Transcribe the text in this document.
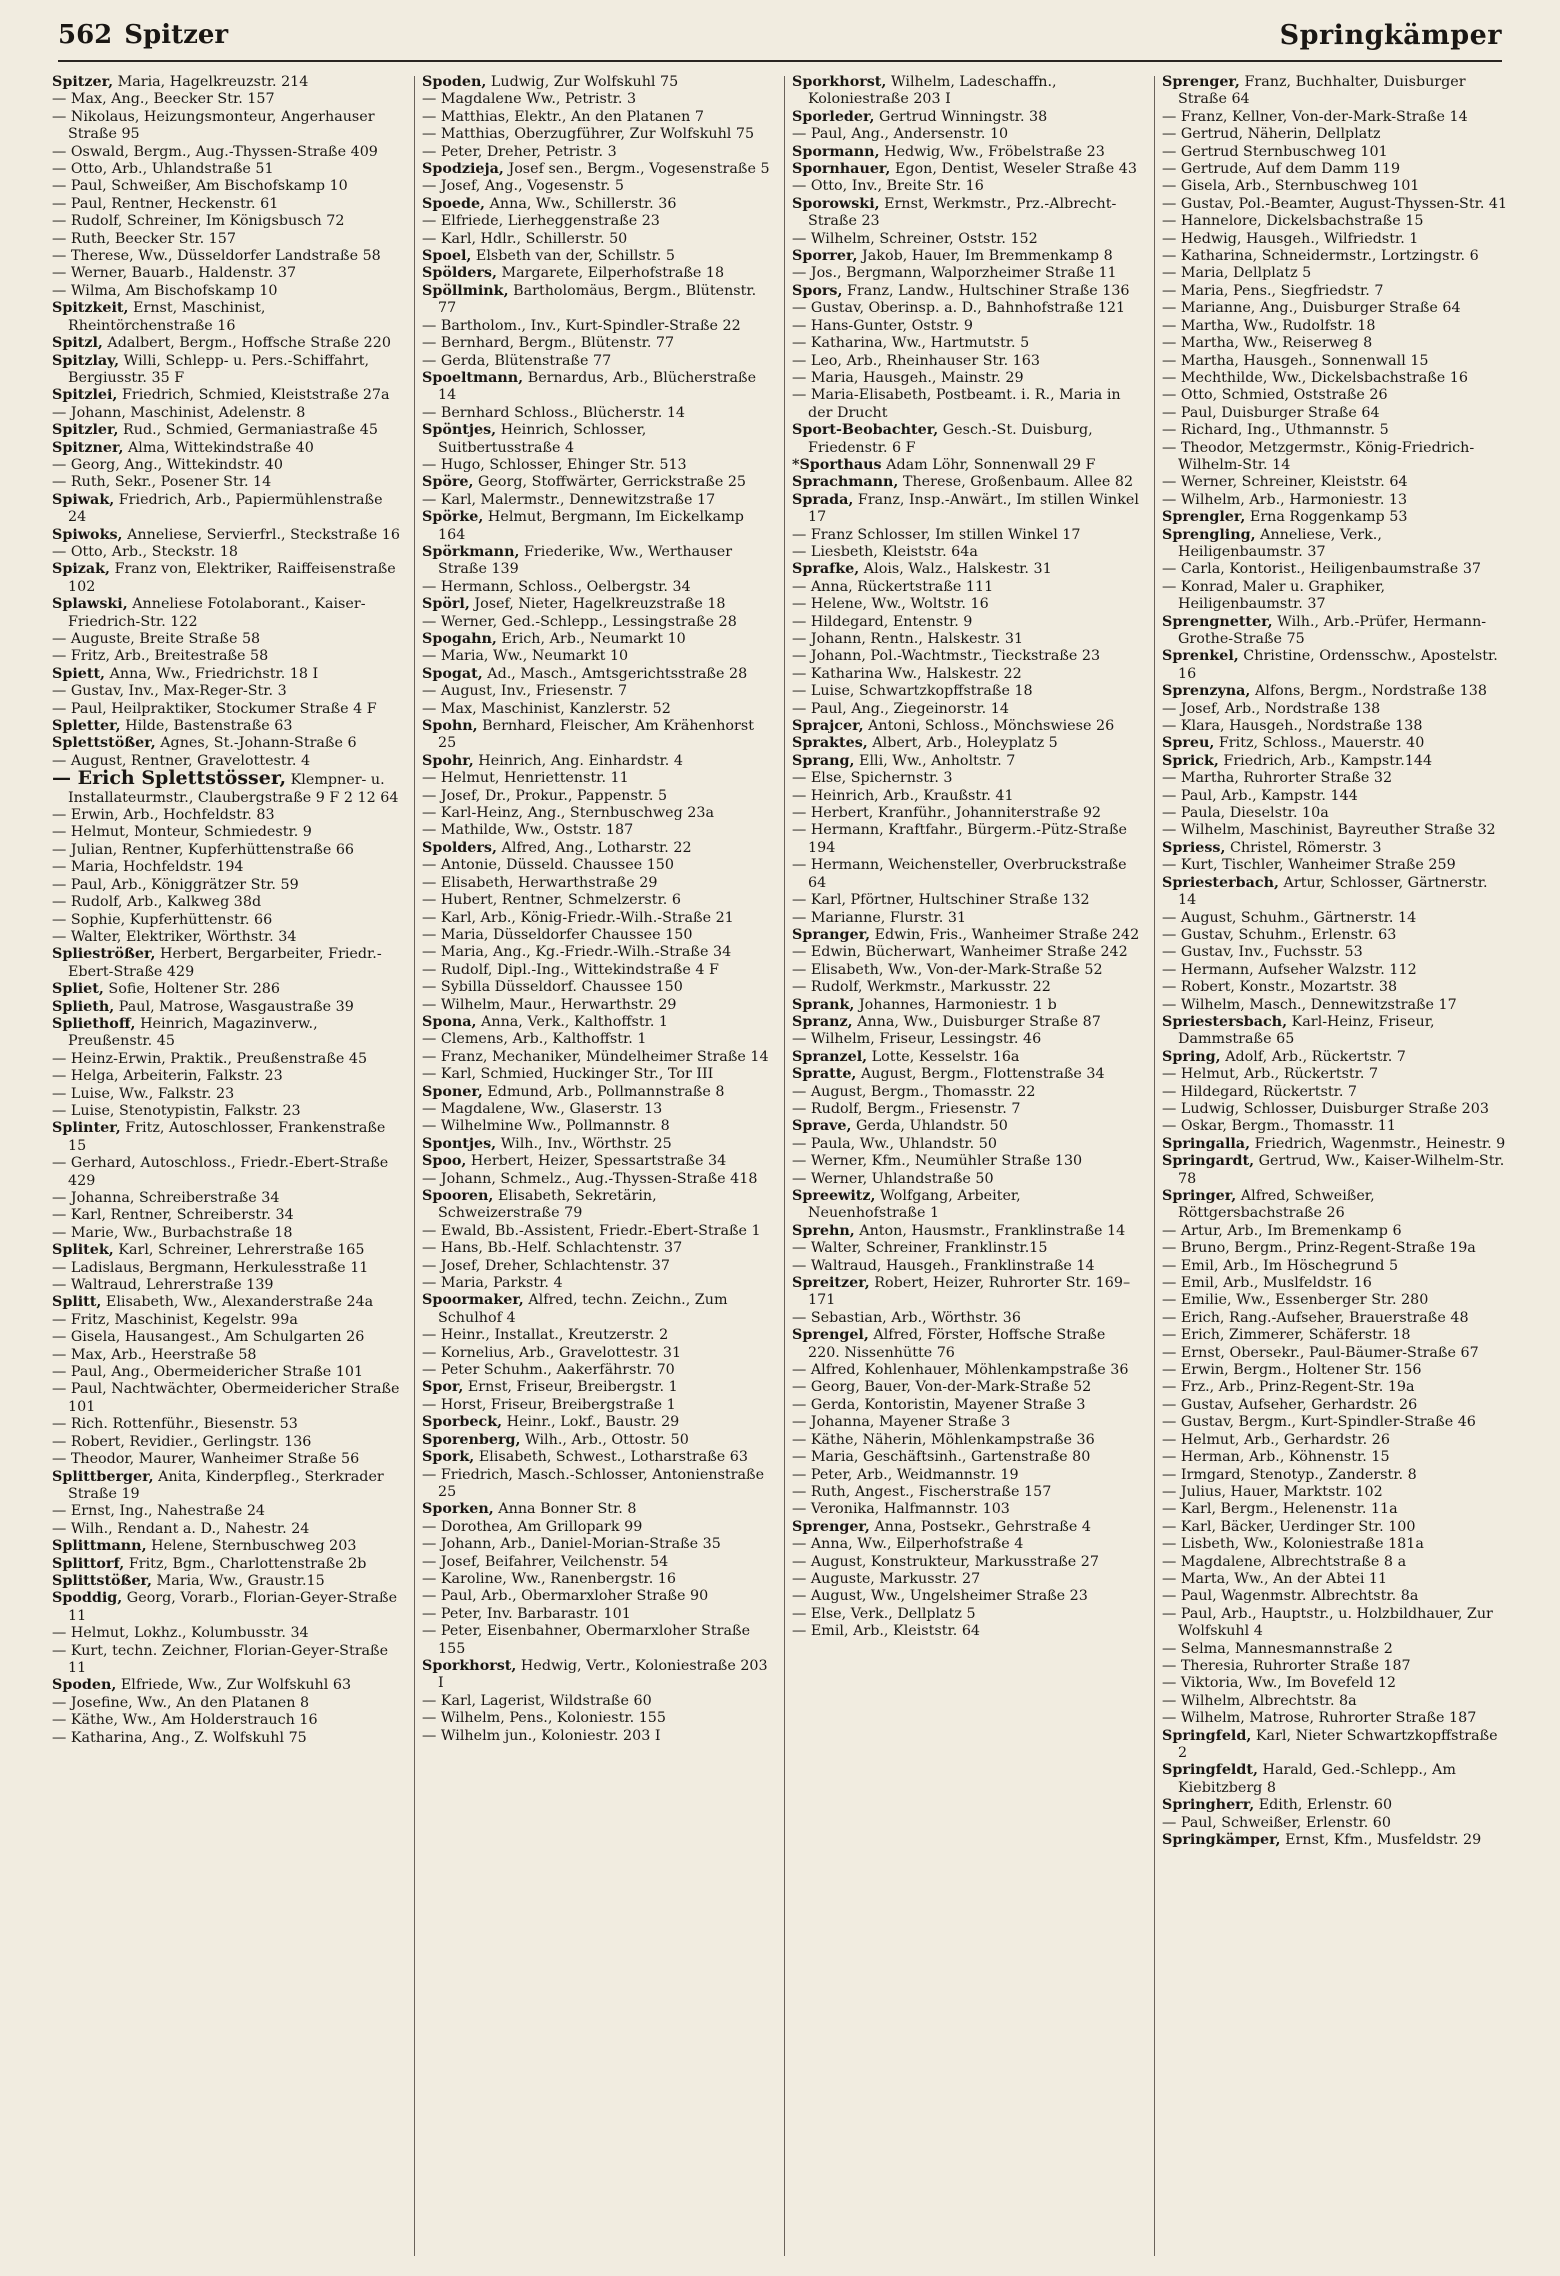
562 Spitzer	Springkämper
Spitzer, Maria, Hagelkreuzstr. 214
— Max, Ang., Beecker Str. 157
— Nikolaus, Heizungsmonteur, Angerhauser Straße 95
— Oswald, Bergm., Aug.-Thyssen-Straße 409
— Otto, Arb., Uhlandstraße 51
— Paul, Schweißer, Am Bischofskamp 10
— Paul, Rentner, Heckenstr. 61
— Rudolf, Schreiner, Im Königsbusch 72
— Ruth, Beecker Str. 157
— Therese, Ww., Düsseldorfer Landstraße 58
— Werner, Bauarb., Haldenstr. 37
— Wilma, Am Bischofskamp 10
Spitzkeit, Ernst, Maschinist, Rheintörchenstraße 16
Spitzl, Adalbert, Bergm., Hoffsche Straße 220
Spitzlay, Willi, Schlepp- u. Pers.-Schiffahrt, Bergiusstr. 35 F
Spitzlei, Friedrich, Schmied, Kleiststraße 27a
— Johann, Maschinist, Adelenstr. 8
Spitzler, Rud., Schmied, Germaniastraße 45
Spitzner, Alma, Wittekindstraße 40
— Georg, Ang., Wittekindstr. 40
— Ruth, Sekr., Posener Str. 14
Spiwak, Friedrich, Arb., Papiermühlenstraße 24
Spiwoks, Anneliese, Servierfrl., Steckstraße 16
— Otto, Arb., Steckstr. 18
Spizak, Franz von, Elektriker, Raiffeisenstraße 102
Splawski, Anneliese Fotolaborant., Kaiser-Friedrich-Str. 122
— Auguste, Breite Straße 58
— Fritz, Arb., Breitestraße 58
Spiett, Anna, Ww., Friedrichstr. 18 I
— Gustav, Inv., Max-Reger-Str. 3
— Paul, Heilpraktiker, Stockumer Straße 4 F
Spletter, Hilde, Bastenstraße 63
Splettstößer, Agnes, St.-Johann-Straße 6
— August, Rentner, Gravelottestr. 4
— Erich Splettstösser, Klempner- u. Installateurmstr., Claubergstraße 9 F 2 12 64
— Erwin, Arb., Hochfeldstr. 83
— Helmut, Monteur, Schmiedestr. 9
— Julian, Rentner, Kupferhüttenstraße 66
— Maria, Hochfeldstr. 194
— Paul, Arb., Königgrätzer Str. 59
— Rudolf, Arb., Kalkweg 38d
— Sophie, Kupferhüttenstr. 66
— Walter, Elektriker, Wörthstr. 34
Splieströßer, Herbert, Bergarbeiter, Friedr.-Ebert-Straße 429
Spliet, Sofie, Holtener Str. 286
Splieth, Paul, Matrose, Wasgaustraße 39
Spliethoff, Heinrich, Magazinverw., Preußenstr. 45
— Heinz-Erwin, Praktik., Preußenstraße 45
— Helga, Arbeiterin, Falkstr. 23
— Luise, Ww., Falkstr. 23
— Luise, Stenotypistin, Falkstr. 23
Splinter, Fritz, Autoschlosser, Frankenstraße 15
— Gerhard, Autoschloss., Friedr.-Ebert-Straße 429
— Johanna, Schreiberstraße 34
— Karl, Rentner, Schreiberstr. 34
— Marie, Ww., Burbachstraße 18
Splitek, Karl, Schreiner, Lehrerstraße 165
— Ladislaus, Bergmann, Herkulesstraße 11
— Waltraud, Lehrerstraße 139
Splitt, Elisabeth, Ww., Alexanderstraße 24a
— Fritz, Maschinist, Kegelstr. 99a
— Gisela, Hausangest., Am Schulgarten 26
— Max, Arb., Heerstraße 58
— Paul, Ang., Obermeidericher Straße 101
— Paul, Nachtwächter, Obermeidericher Straße 101
— Rich. Rottenführ., Biesenstr. 53
— Robert, Revidier., Gerlingstr. 136
— Theodor, Maurer, Wanheimer Straße 56
Splittberger, Anita, Kinderpfleg., Sterkrader Straße 19
— Ernst, Ing., Nahestraße 24
— Wilh., Rendant a. D., Nahestr. 24
Splittmann, Helene, Sternbuschweg 203
Splittorf, Fritz, Bgm., Charlottenstraße 2b
Splittstößer, Maria, Ww., Graustr.15
Spoddig, Georg, Vorarb., Florian-Geyer-Straße 11
— Helmut, Lokhz., Kolumbusstr. 34
— Kurt, techn. Zeichner, Florian-Geyer-Straße 11
Spoden, Elfriede, Ww., Zur Wolfskuhl 63
— Josefine, Ww., An den Platanen 8
— Käthe, Ww., Am Holderstrauch 16
— Katharina, Ang., Z. Wolfskuhl 75
Spoden, Ludwig, Zur Wolfskuhl 75
— Magdalene Ww., Petristr. 3
— Matthias, Elektr., An den Platanen 7
— Matthias, Oberzugführer, Zur Wolfskuhl 75
— Peter, Dreher, Petristr. 3
Spodzieja, Josef sen., Bergm., Vogesenstraße 5
— Josef, Ang., Vogesenstr. 5
Spoede, Anna, Ww., Schillerstr. 36
— Elfriede, Lierheggenstraße 23
— Karl, Hdlr., Schillerstr. 50
Spoel, Elsbeth van der, Schillstr. 5
Spölders, Margarete, Eilperhofstraße 18
Spöllmink, Bartholomäus, Bergm., Blütenstr. 77
— Bartholom., Inv., Kurt-Spindler-Straße 22
— Bernhard, Bergm., Blütenstr. 77
— Gerda, Blütenstraße 77
Spoeltmann, Bernardus, Arb., Blücherstraße 14
— Bernhard Schloss., Blücherstr. 14
Spöntjes, Heinrich, Schlosser, Suitbertusstraße 4
— Hugo, Schlosser, Ehinger Str. 513
Spöre, Georg, Stoffwärter, Gerrickstraße 25
— Karl, Malermstr., Dennewitzstraße 17
Spörke, Helmut, Bergmann, Im Eickelkamp 164
Spörkmann, Friederike, Ww., Werthauser Straße 139
— Hermann, Schloss., Oelbergstr. 34
Spörl, Josef, Nieter, Hagelkreuzstraße 18
— Werner, Ged.-Schlepp., Lessingstraße 28
Spogahn, Erich, Arb., Neumarkt 10
— Maria, Ww., Neumarkt 10
Spogat, Ad., Masch., Amtsgerichtsstraße 28
— August, Inv., Friesenstr. 7
— Max, Maschinist, Kanzlerstr. 52
Spohn, Bernhard, Fleischer, Am Krähenhorst 25
Spohr, Heinrich, Ang. Einhardstr. 4
— Helmut, Henriettenstr. 11
— Josef, Dr., Prokur., Pappenstr. 5
— Karl-Heinz, Ang., Sternbuschweg 23a
— Mathilde, Ww., Oststr. 187
Spolders, Alfred, Ang., Lotharstr. 22
— Antonie, Düsseld. Chaussee 150
— Elisabeth, Herwarthstraße 29
— Hubert, Rentner, Schmelzerstr. 6
— Karl, Arb., König-Friedr.-Wilh.-Straße 21
— Maria, Düsseldorfer Chaussee 150
— Maria, Ang., Kg.-Friedr.-Wilh.-Straße 34
— Rudolf, Dipl.-Ing., Wittekindstraße 4 F
— Sybilla Düsseldorf. Chaussee 150
— Wilhelm, Maur., Herwarthstr. 29
Spona, Anna, Verk., Kalthoffstr. 1
— Clemens, Arb., Kalthoffstr. 1
— Franz, Mechaniker, Mündelheimer Straße 14
— Karl, Schmied, Huckinger Str., Tor III
Sponer, Edmund, Arb., Pollmannstraße 8
— Magdalene, Ww., Glaserstr. 13
— Wilhelmine Ww., Pollmannstr. 8
Spontjes, Wilh., Inv., Wörthstr. 25
Spoo, Herbert, Heizer, Spessartstraße 34
— Johann, Schmelz., Aug.-Thyssen-Straße 418
Spooren, Elisabeth, Sekretärin, Schweizerstraße 79
— Ewald, Bb.-Assistent, Friedr.-Ebert-Straße 1
— Hans, Bb.-Helf. Schlachtenstr. 37
— Josef, Dreher, Schlachtenstr. 37
— Maria, Parkstr. 4
Spoormaker, Alfred, techn. Zeichn., Zum Schulhof 4
— Heinr., Installat., Kreutzerstr. 2
— Kornelius, Arb., Gravelottestr. 31
— Peter Schuhm., Aakerfährstr. 70
Spor, Ernst, Friseur, Breibergstr. 1
— Horst, Friseur, Breibergstraße 1
Sporbeck, Heinr., Lokf., Baustr. 29
Sporenberg, Wilh., Arb., Ottostr. 50
Spork, Elisabeth, Schwest., Lotharstraße 63
— Friedrich, Masch.-Schlosser, Antonienstraße 25
Sporken, Anna Bonner Str. 8
— Dorothea, Am Grillopark 99
— Johann, Arb., Daniel-Morian-Straße 35
— Josef, Beifahrer, Veilchenstr. 54
— Karoline, Ww., Ranenbergstr. 16
— Paul, Arb., Obermarxloher Straße 90
— Peter, Inv. Barbarastr. 101
— Peter, Eisenbahner, Obermarxloher Straße 155
Sporkhorst, Hedwig, Vertr., Koloniestraße 203 I
— Karl, Lagerist, Wildstraße 60
— Wilhelm, Pens., Koloniestr. 155
— Wilhelm jun., Koloniestr. 203 I
Sporkhorst, Wilhelm, Ladeschaffn., Koloniestraße 203 I
Sporleder, Gertrud Winningstr. 38
— Paul, Ang., Andersenstr. 10
Spormann, Hedwig, Ww., Fröbelstraße 23
Spornhauer, Egon, Dentist, Weseler Straße 43
— Otto, Inv., Breite Str. 16
Sporowski, Ernst, Werkmstr., Prz.-Albrecht-Straße 23
— Wilhelm, Schreiner, Oststr. 152
Sporrer, Jakob, Hauer, Im Bremmenkamp 8
— Jos., Bergmann, Walporzheimer Straße 11
Spors, Franz, Landw., Hultschiner Straße 136
— Gustav, Oberinsp. a. D., Bahnhofstraße 121
— Hans-Gunter, Oststr. 9
— Katharina, Ww., Hartmutstr. 5
— Leo, Arb., Rheinhauser Str. 163
— Maria, Hausgeh., Mainstr. 29
— Maria-Elisabeth, Postbeamt. i. R., Maria in der Drucht
Sport-Beobachter, Gesch.-St. Duisburg, Friedenstr. 6 F
*Sporthaus Adam Löhr, Sonnenwall 29 F
Sprachmann, Therese, Großenbaum. Allee 82
Sprada, Franz, Insp.-Anwärt., Im stillen Winkel 17
— Franz Schlosser, Im stillen Winkel 17
— Liesbeth, Kleiststr. 64a
Sprafke, Alois, Walz., Halskestr. 31
— Anna, Rückertstraße 111
— Helene, Ww., Woltstr. 16
— Hildegard, Entenstr. 9
— Johann, Rentn., Halskestr. 31
— Johann, Pol.-Wachtmstr., Tieckstraße 23
— Katharina Ww., Halskestr. 22
— Luise, Schwartzkopffstraße 18
— Paul, Ang., Ziegeinorstr. 14
Sprajcer, Antoni, Schloss., Mönchswiese 26
Spraktes, Albert, Arb., Holeyplatz 5
Sprang, Elli, Ww., Anholtstr. 7
— Else, Spichernstr. 3
— Heinrich, Arb., Kraußstr. 41
— Herbert, Kranführ., Johanniterstraße 92
— Hermann, Kraftfahr., Bürgerm.-Pütz-Straße 194
— Hermann, Weichensteller, Overbruckstraße 64
— Karl, Pförtner, Hultschiner Straße 132
— Marianne, Flurstr. 31
Spranger, Edwin, Fris., Wanheimer Straße 242
— Edwin, Bücherwart, Wanheimer Straße 242
— Elisabeth, Ww., Von-der-Mark-Straße 52
— Rudolf, Werkmstr., Markusstr. 22
Sprank, Johannes, Harmoniestr. 1 b
Spranz, Anna, Ww., Duisburger Straße 87
— Wilhelm, Friseur, Lessingstr. 46
Spranzel, Lotte, Kesselstr. 16a
Spratte, August, Bergm., Flottenstraße 34
— August, Bergm., Thomasstr. 22
— Rudolf, Bergm., Friesenstr. 7
Sprave, Gerda, Uhlandstr. 50
— Paula, Ww., Uhlandstr. 50
— Werner, Kfm., Neumühler Straße 130
— Werner, Uhlandstraße 50
Spreewitz, Wolfgang, Arbeiter, Neuenhofstraße 1
Sprehn, Anton, Hausmstr., Franklinstraße 14
— Walter, Schreiner, Franklinstr.15
— Waltraud, Hausgeh., Franklinstraße 14
Spreitzer, Robert, Heizer, Ruhrorter Str. 169–171
— Sebastian, Arb., Wörthstr. 36
Sprengel, Alfred, Förster, Hoffsche Straße 220. Nissenhütte 76
— Alfred, Kohlenhauer, Möhlenkampstraße 36
— Georg, Bauer, Von-der-Mark-Straße 52
— Gerda, Kontoristin, Mayener Straße 3
— Johanna, Mayener Straße 3
— Käthe, Näherin, Möhlenkampstraße 36
— Maria, Geschäftsinh., Gartenstraße 80
— Peter, Arb., Weidmannstr. 19
— Ruth, Angest., Fischerstraße 157
— Veronika, Halfmannstr. 103
Sprenger, Anna, Postsekr., Gehrstraße 4
— Anna, Ww., Eilperhofstraße 4
— August, Konstrukteur, Markusstraße 27
— Auguste, Markusstr. 27
— August, Ww., Ungelsheimer Straße 23
— Else, Verk., Dellplatz 5
— Emil, Arb., Kleiststr. 64
Sprenger, Franz, Buchhalter, Duisburger Straße 64
— Franz, Kellner, Von-der-Mark-Straße 14
— Gertrud, Näherin, Dellplatz
— Gertrud Sternbuschweg 101
— Gertrude, Auf dem Damm 119
— Gisela, Arb., Sternbuschweg 101
— Gustav, Pol.-Beamter, August-Thyssen-Str. 41
— Hannelore, Dickelsbachstraße 15
— Hedwig, Hausgeh., Wilfriedstr. 1
— Katharina, Schneidermstr., Lortzingstr. 6
— Maria, Dellplatz 5
— Maria, Pens., Siegfriedstr. 7
— Marianne, Ang., Duisburger Straße 64
— Martha, Ww., Rudolfstr. 18
— Martha, Ww., Reiserweg 8
— Martha, Hausgeh., Sonnenwall 15
— Mechthilde, Ww., Dickelsbachstraße 16
— Otto, Schmied, Oststraße 26
— Paul, Duisburger Straße 64
— Richard, Ing., Uthmannstr. 5
— Theodor, Metzgermstr., König-Friedrich-Wilhelm-Str. 14
— Werner, Schreiner, Kleiststr. 64
— Wilhelm, Arb., Harmoniestr. 13
Sprengler, Erna Roggenkamp 53
Sprengling, Anneliese, Verk., Heiligenbaumstr. 37
— Carla, Kontorist., Heiligenbaumstraße 37
— Konrad, Maler u. Graphiker, Heiligenbaumstr. 37
Sprengnetter, Wilh., Arb.-Prüfer, Hermann-Grothe-Straße 75
Sprenkel, Christine, Ordensschw., Apostelstr. 16
Sprenzyna, Alfons, Bergm., Nordstraße 138
— Josef, Arb., Nordstraße 138
— Klara, Hausgeh., Nordstraße 138
Spreu, Fritz, Schloss., Mauerstr. 40
Sprick, Friedrich, Arb., Kampstr.144
— Martha, Ruhrorter Straße 32
— Paul, Arb., Kampstr. 144
— Paula, Dieselstr. 10a
— Wilhelm, Maschinist, Bayreuther Straße 32
Spriess, Christel, Römerstr. 3
— Kurt, Tischler, Wanheimer Straße 259
Spriesterbach, Artur, Schlosser, Gärtnerstr. 14
— August, Schuhm., Gärtnerstr. 14
— Gustav, Schuhm., Erlenstr. 63
— Gustav, Inv., Fuchsstr. 53
— Hermann, Aufseher Walzstr. 112
— Robert, Konstr., Mozartstr. 38
— Wilhelm, Masch., Dennewitzstraße 17
Spriestersbach, Karl-Heinz, Friseur, Dammstraße 65
Spring, Adolf, Arb., Rückertstr. 7
— Helmut, Arb., Rückertstr. 7
— Hildegard, Rückertstr. 7
— Ludwig, Schlosser, Duisburger Straße 203
— Oskar, Bergm., Thomasstr. 11
Springalla, Friedrich, Wagenmstr., Heinestr. 9
Springardt, Gertrud, Ww., Kaiser-Wilhelm-Str. 78
Springer, Alfred, Schweißer, Röttgersbachstraße 26
— Artur, Arb., Im Bremenkamp 6
— Bruno, Bergm., Prinz-Regent-Straße 19a
— Emil, Arb., Im Höschegrund 5
— Emil, Arb., Muslfeldstr. 16
— Emilie, Ww., Essenberger Str. 280
— Erich, Rang.-Aufseher, Brauerstraße 48
— Erich, Zimmerer, Schäferstr. 18
— Ernst, Obersekr., Paul-Bäumer-Straße 67
— Erwin, Bergm., Holtener Str. 156
— Frz., Arb., Prinz-Regent-Str. 19a
— Gustav, Aufseher, Gerhardstr. 26
— Gustav, Bergm., Kurt-Spindler-Straße 46
— Helmut, Arb., Gerhardstr. 26
— Herman, Arb., Köhnenstr. 15
— Irmgard, Stenotyp., Zanderstr. 8
— Julius, Hauer, Marktstr. 102
— Karl, Bergm., Helenenstr. 11a
— Karl, Bäcker, Uerdinger Str. 100
— Lisbeth, Ww., Koloniestraße 181a
— Magdalene, Albrechtstraße 8 a
— Marta, Ww., An der Abtei 11
— Paul, Wagenmstr. Albrechtstr. 8a
— Paul, Arb., Hauptstr., u. Holzbildhauer, Zur Wolfskuhl 4
— Selma, Mannesmannstraße 2
— Theresia, Ruhrorter Straße 187
— Viktoria, Ww., Im Bovefeld 12
— Wilhelm, Albrechtstr. 8a
— Wilhelm, Matrose, Ruhrorter Straße 187
Springfeld, Karl, Nieter Schwartzkopffstraße 2
Springfeldt, Harald, Ged.-Schlepp., Am Kiebitzberg 8
Springherr, Edith, Erlenstr. 60
— Paul, Schweißer, Erlenstr. 60
Springkämper, Ernst, Kfm., Musfeldstr. 29
